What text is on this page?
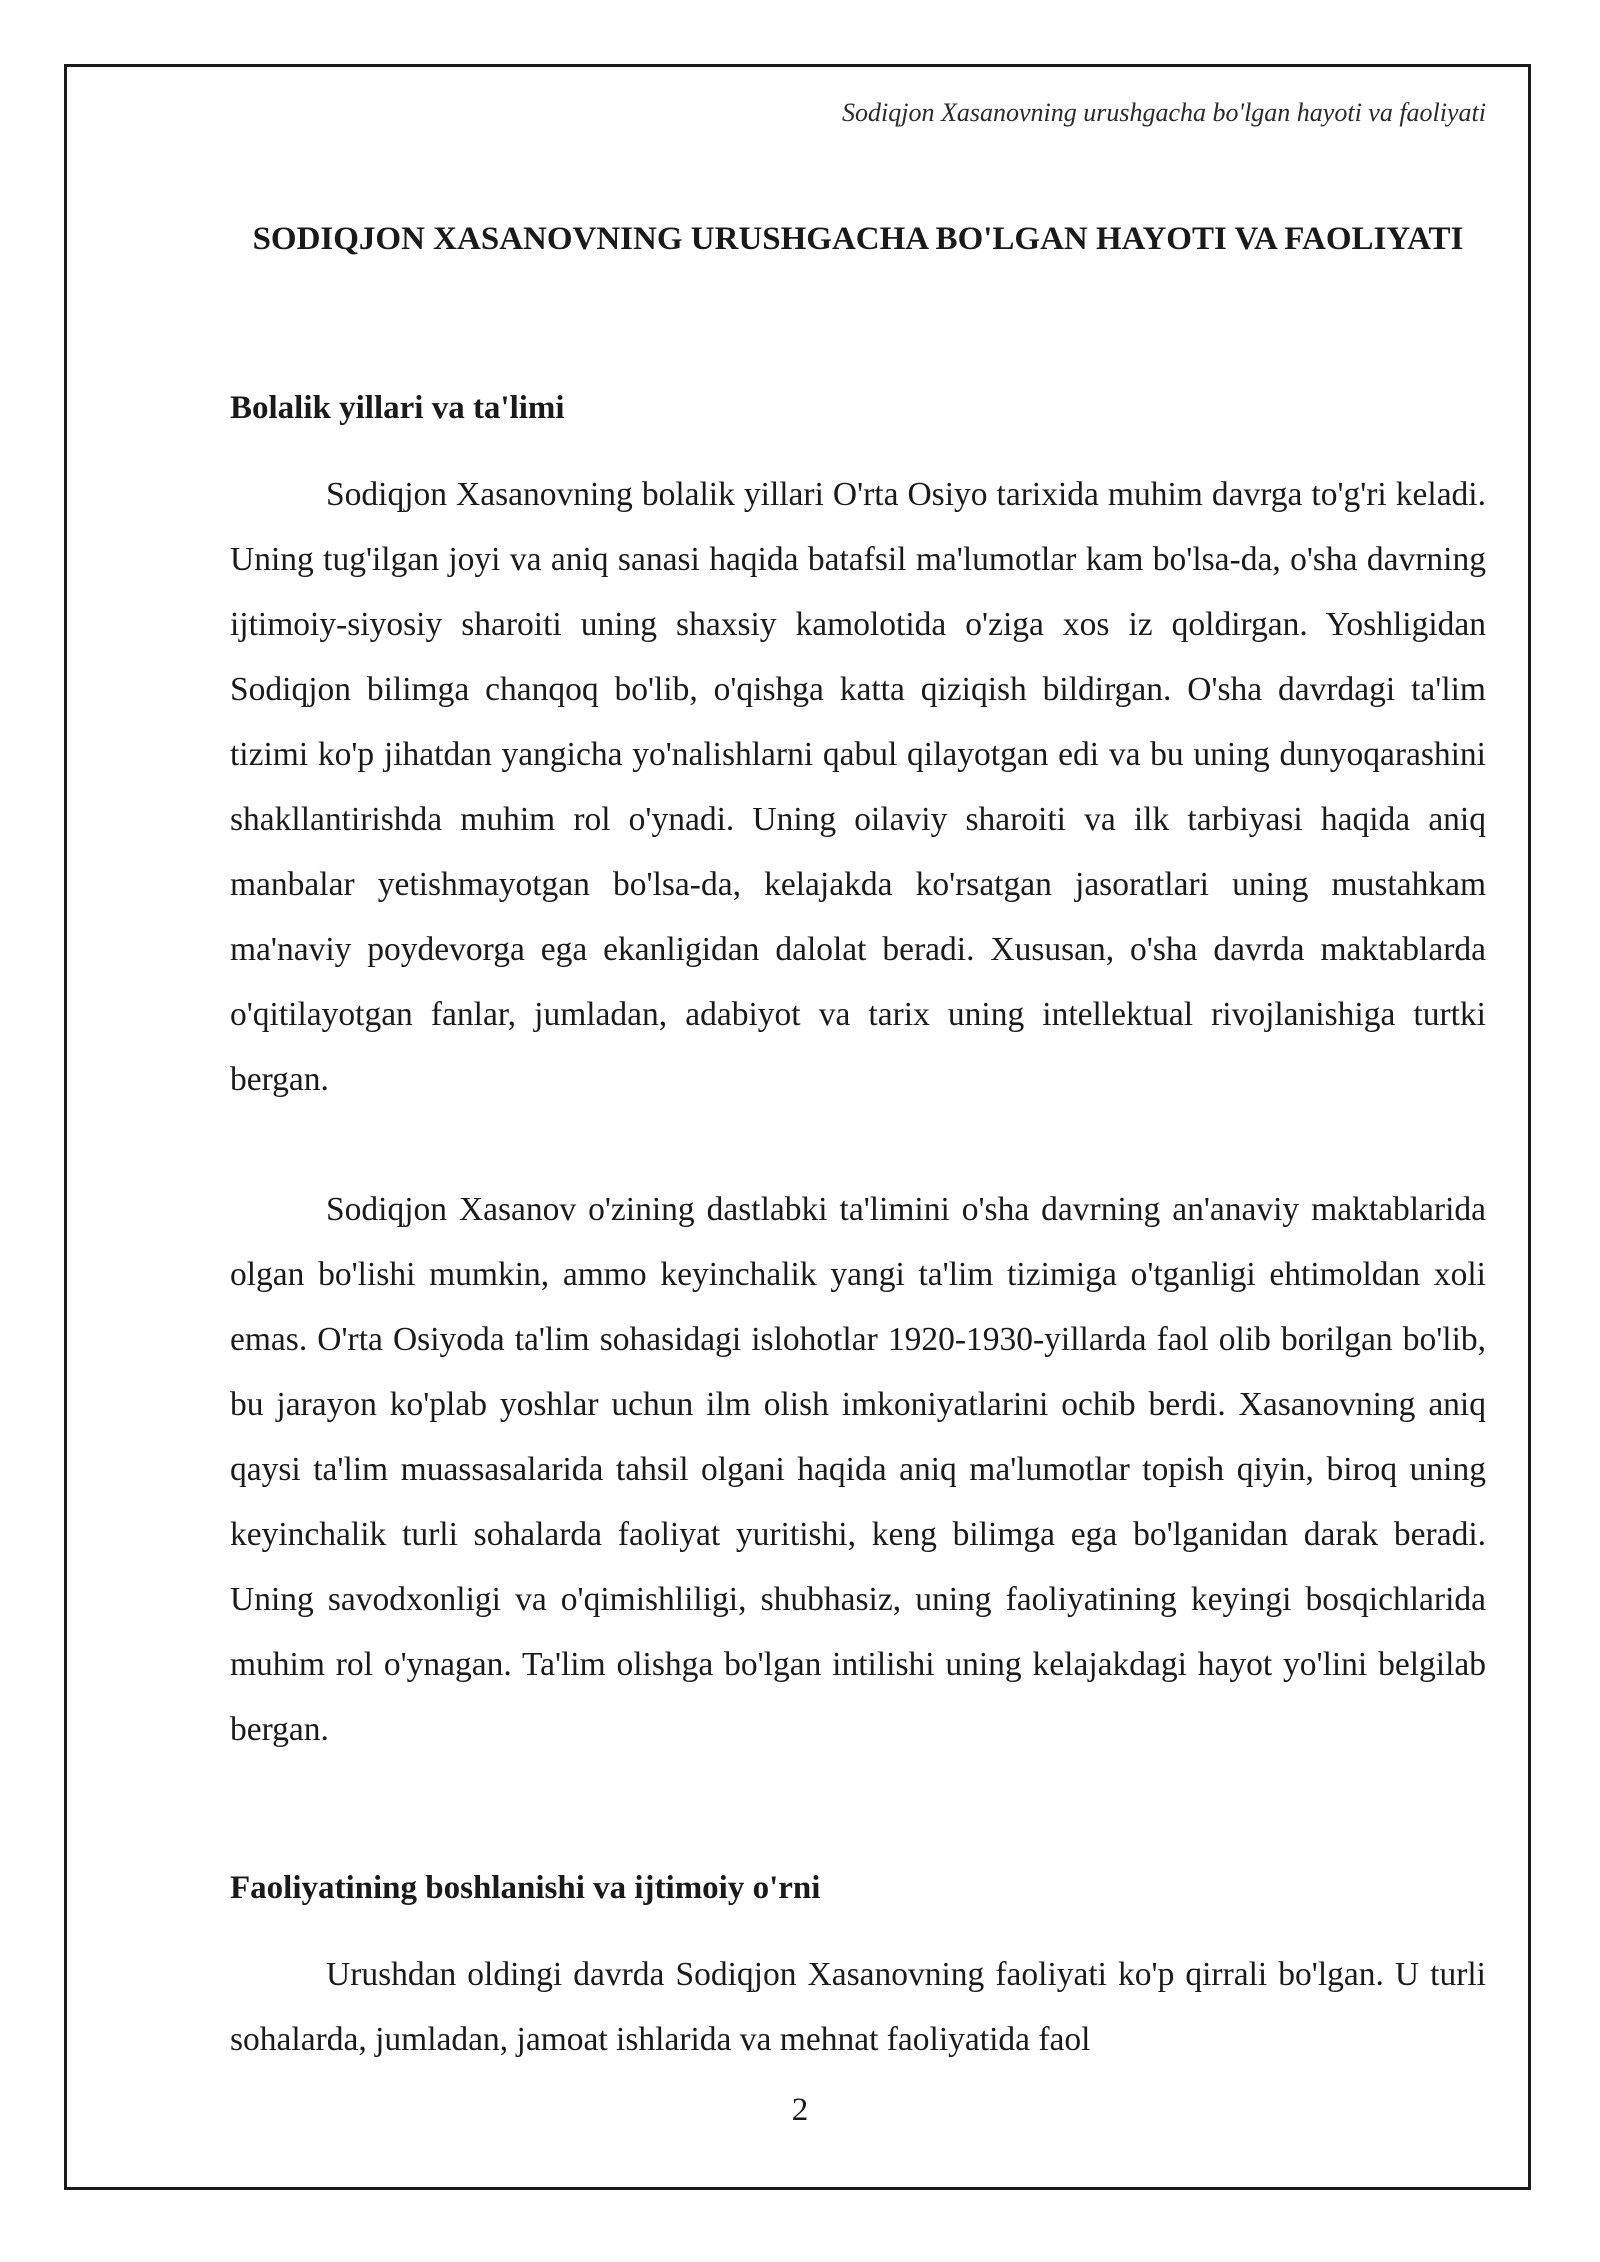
Sodiqjon Xasanovning urushgacha bo'lgan hayoti va faoliyati
SODIQJON XASANOVNING URUSHGACHA BO'LGAN HAYOTI VA FAOLIYATI
Bolalik yillari va ta'limi

Sodiqjon Xasanovning bolalik yillari O'rta Osiyo tarixida muhim davrga to'g'ri keladi. Uning tug'ilgan joyi va aniq sanasi haqida batafsil ma'lumotlar kam bo'lsa-da, o'sha davrning ijtimoiy-siyosiy sharoiti uning shaxsiy kamolotida o'ziga xos iz qoldirgan. Yoshligidan Sodiqjon bilimga chanqoq bo'lib, o'qishga katta qiziqish bildirgan. O'sha davrdagi ta'lim tizimi ko'p jihatdan yangicha yo'nalishlarni qabul qilayotgan edi va bu uning dunyoqarashini shakllantirishda muhim rol o'ynadi. Uning oilaviy sharoiti va ilk tarbiyasi haqida aniq manbalar yetishmayotgan bo'lsa-da, kelajakda ko'rsatgan jasoratlari uning mustahkam ma'naviy poydevorga ega ekanligidan dalolat beradi. Xususan, o'sha davrda maktablarda o'qitilayotgan fanlar, jumladan, adabiyot va tarix uning intellektual rivojlanishiga turtki bergan.

Sodiqjon Xasanov o'zining dastlabki ta'limini o'sha davrning an'anaviy maktablarida olgan bo'lishi mumkin, ammo keyinchalik yangi ta'lim tizimiga o'tganligi ehtimoldan xoli emas. O'rta Osiyoda ta'lim sohasidagi islohotlar 1920-1930-yillarda faol olib borilgan bo'lib, bu jarayon ko'plab yoshlar uchun ilm olish imkoniyatlarini ochib berdi. Xasanovning aniq qaysi ta'lim muassasalarida tahsil olgani haqida aniq ma'lumotlar topish qiyin, biroq uning keyinchalik turli sohalarda faoliyat yuritishi, keng bilimga ega bo'lganidan darak beradi. Uning savodxonligi va o'qimishliligi, shubhasiz, uning faoliyatining keyingi bosqichlarida muhim rol o'ynagan. Ta'lim olishga bo'lgan intilishi uning kelajakdagi hayot yo'lini belgilab bergan.

Faoliyatining boshlanishi va ijtimoiy o'rni

Urushdan oldingi davrda Sodiqjon Xasanovning faoliyati ko'p qirrali bo'lgan. U turli sohalarda, jumladan, jamoat ishlarida va mehnat faoliyatida faol

2
